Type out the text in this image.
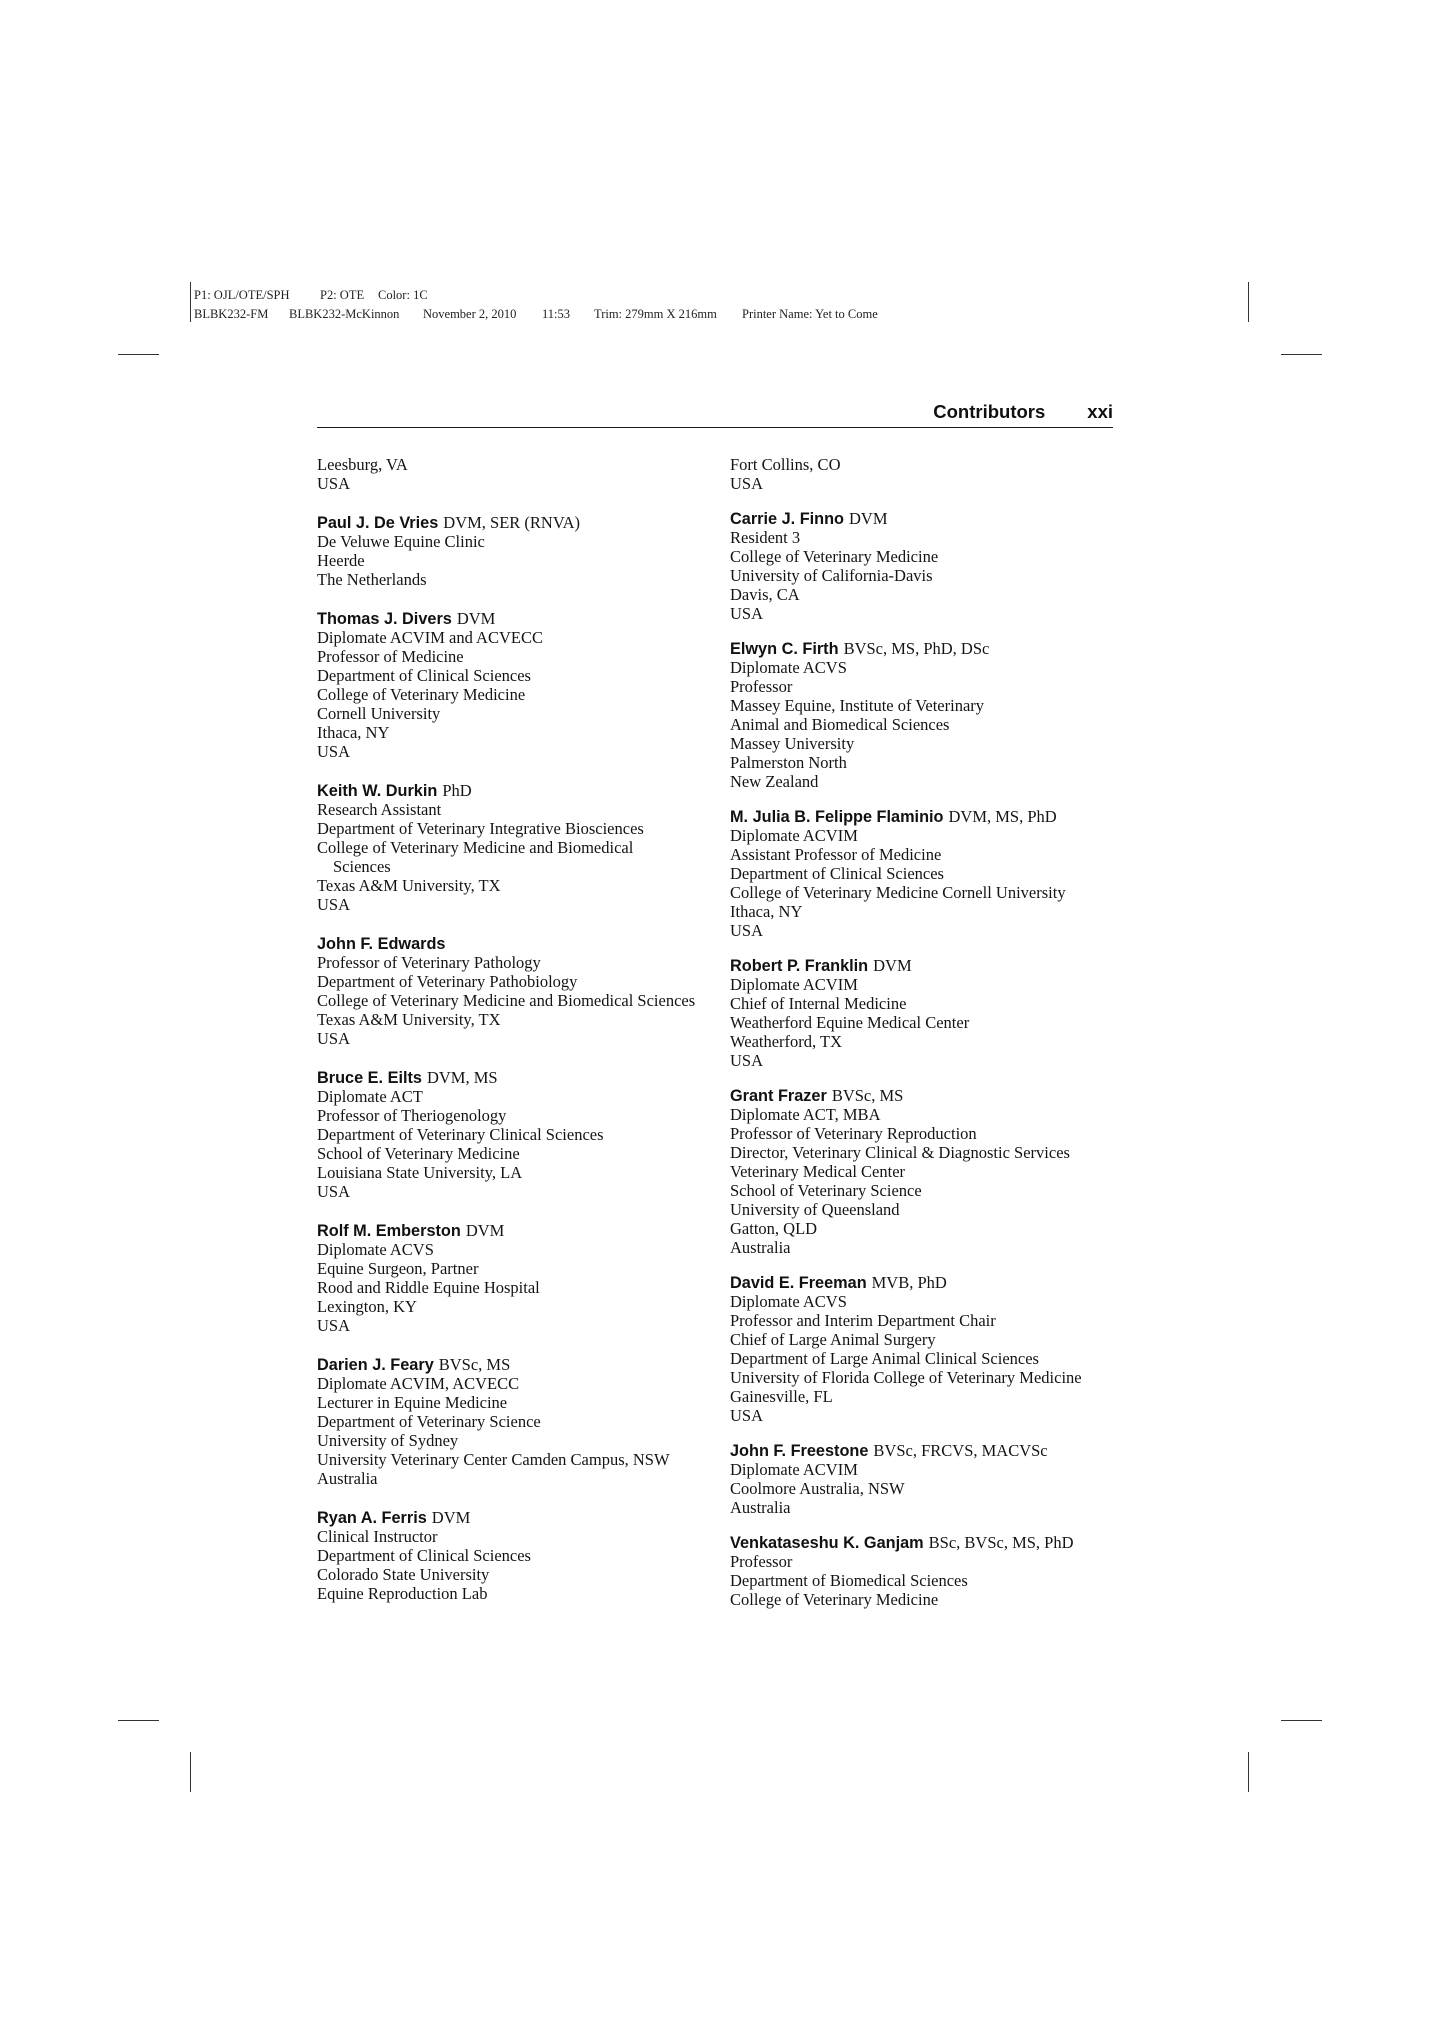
P1: OJL/OTE/SPH P2: OTE Color: 1C
BLBK232-FM BLBK232-McKinnon November 2, 2010 11:53 Trim: 279mm X 216mm Printer Name: Yet to Come
Contributors xxi
Leesburg, VA
USA
Paul J. De Vries DVM, SER (RNVA)
De Veluwe Equine Clinic
Heerde
The Netherlands
Thomas J. Divers DVM
Diplomate ACVIM and ACVECC
Professor of Medicine
Department of Clinical Sciences
College of Veterinary Medicine
Cornell University
Ithaca, NY
USA
Keith W. Durkin PhD
Research Assistant
Department of Veterinary Integrative Biosciences
College of Veterinary Medicine and Biomedical
Sciences
Texas A&M University, TX
USA
John F. Edwards
Professor of Veterinary Pathology
Department of Veterinary Pathobiology
College of Veterinary Medicine and Biomedical Sciences
Texas A&M University, TX
USA
Bruce E. Eilts DVM, MS
Diplomate ACT
Professor of Theriogenology
Department of Veterinary Clinical Sciences
School of Veterinary Medicine
Louisiana State University, LA
USA
Rolf M. Emberston DVM
Diplomate ACVS
Equine Surgeon, Partner
Rood and Riddle Equine Hospital
Lexington, KY
USA
Darien J. Feary BVSc, MS
Diplomate ACVIM, ACVECC
Lecturer in Equine Medicine
Department of Veterinary Science
University of Sydney
University Veterinary Center Camden Campus, NSW
Australia
Ryan A. Ferris DVM
Clinical Instructor
Department of Clinical Sciences
Colorado State University
Equine Reproduction Lab
Fort Collins, CO
USA
Carrie J. Finno DVM
Resident 3
College of Veterinary Medicine
University of California-Davis
Davis, CA
USA
Elwyn C. Firth BVSc, MS, PhD, DSc
Diplomate ACVS
Professor
Massey Equine, Institute of Veterinary
Animal and Biomedical Sciences
Massey University
Palmerston North
New Zealand
M. Julia B. Felippe Flaminio DVM, MS, PhD
Diplomate ACVIM
Assistant Professor of Medicine
Department of Clinical Sciences
College of Veterinary Medicine Cornell University
Ithaca, NY
USA
Robert P. Franklin DVM
Diplomate ACVIM
Chief of Internal Medicine
Weatherford Equine Medical Center
Weatherford, TX
USA
Grant Frazer BVSc, MS
Diplomate ACT, MBA
Professor of Veterinary Reproduction
Director, Veterinary Clinical & Diagnostic Services
Veterinary Medical Center
School of Veterinary Science
University of Queensland
Gatton, QLD
Australia
David E. Freeman MVB, PhD
Diplomate ACVS
Professor and Interim Department Chair
Chief of Large Animal Surgery
Department of Large Animal Clinical Sciences
University of Florida College of Veterinary Medicine
Gainesville, FL
USA
John F. Freestone BVSc, FRCVS, MACVSc
Diplomate ACVIM
Coolmore Australia, NSW
Australia
Venkataseshu K. Ganjam BSc, BVSc, MS, PhD
Professor
Department of Biomedical Sciences
College of Veterinary Medicine
